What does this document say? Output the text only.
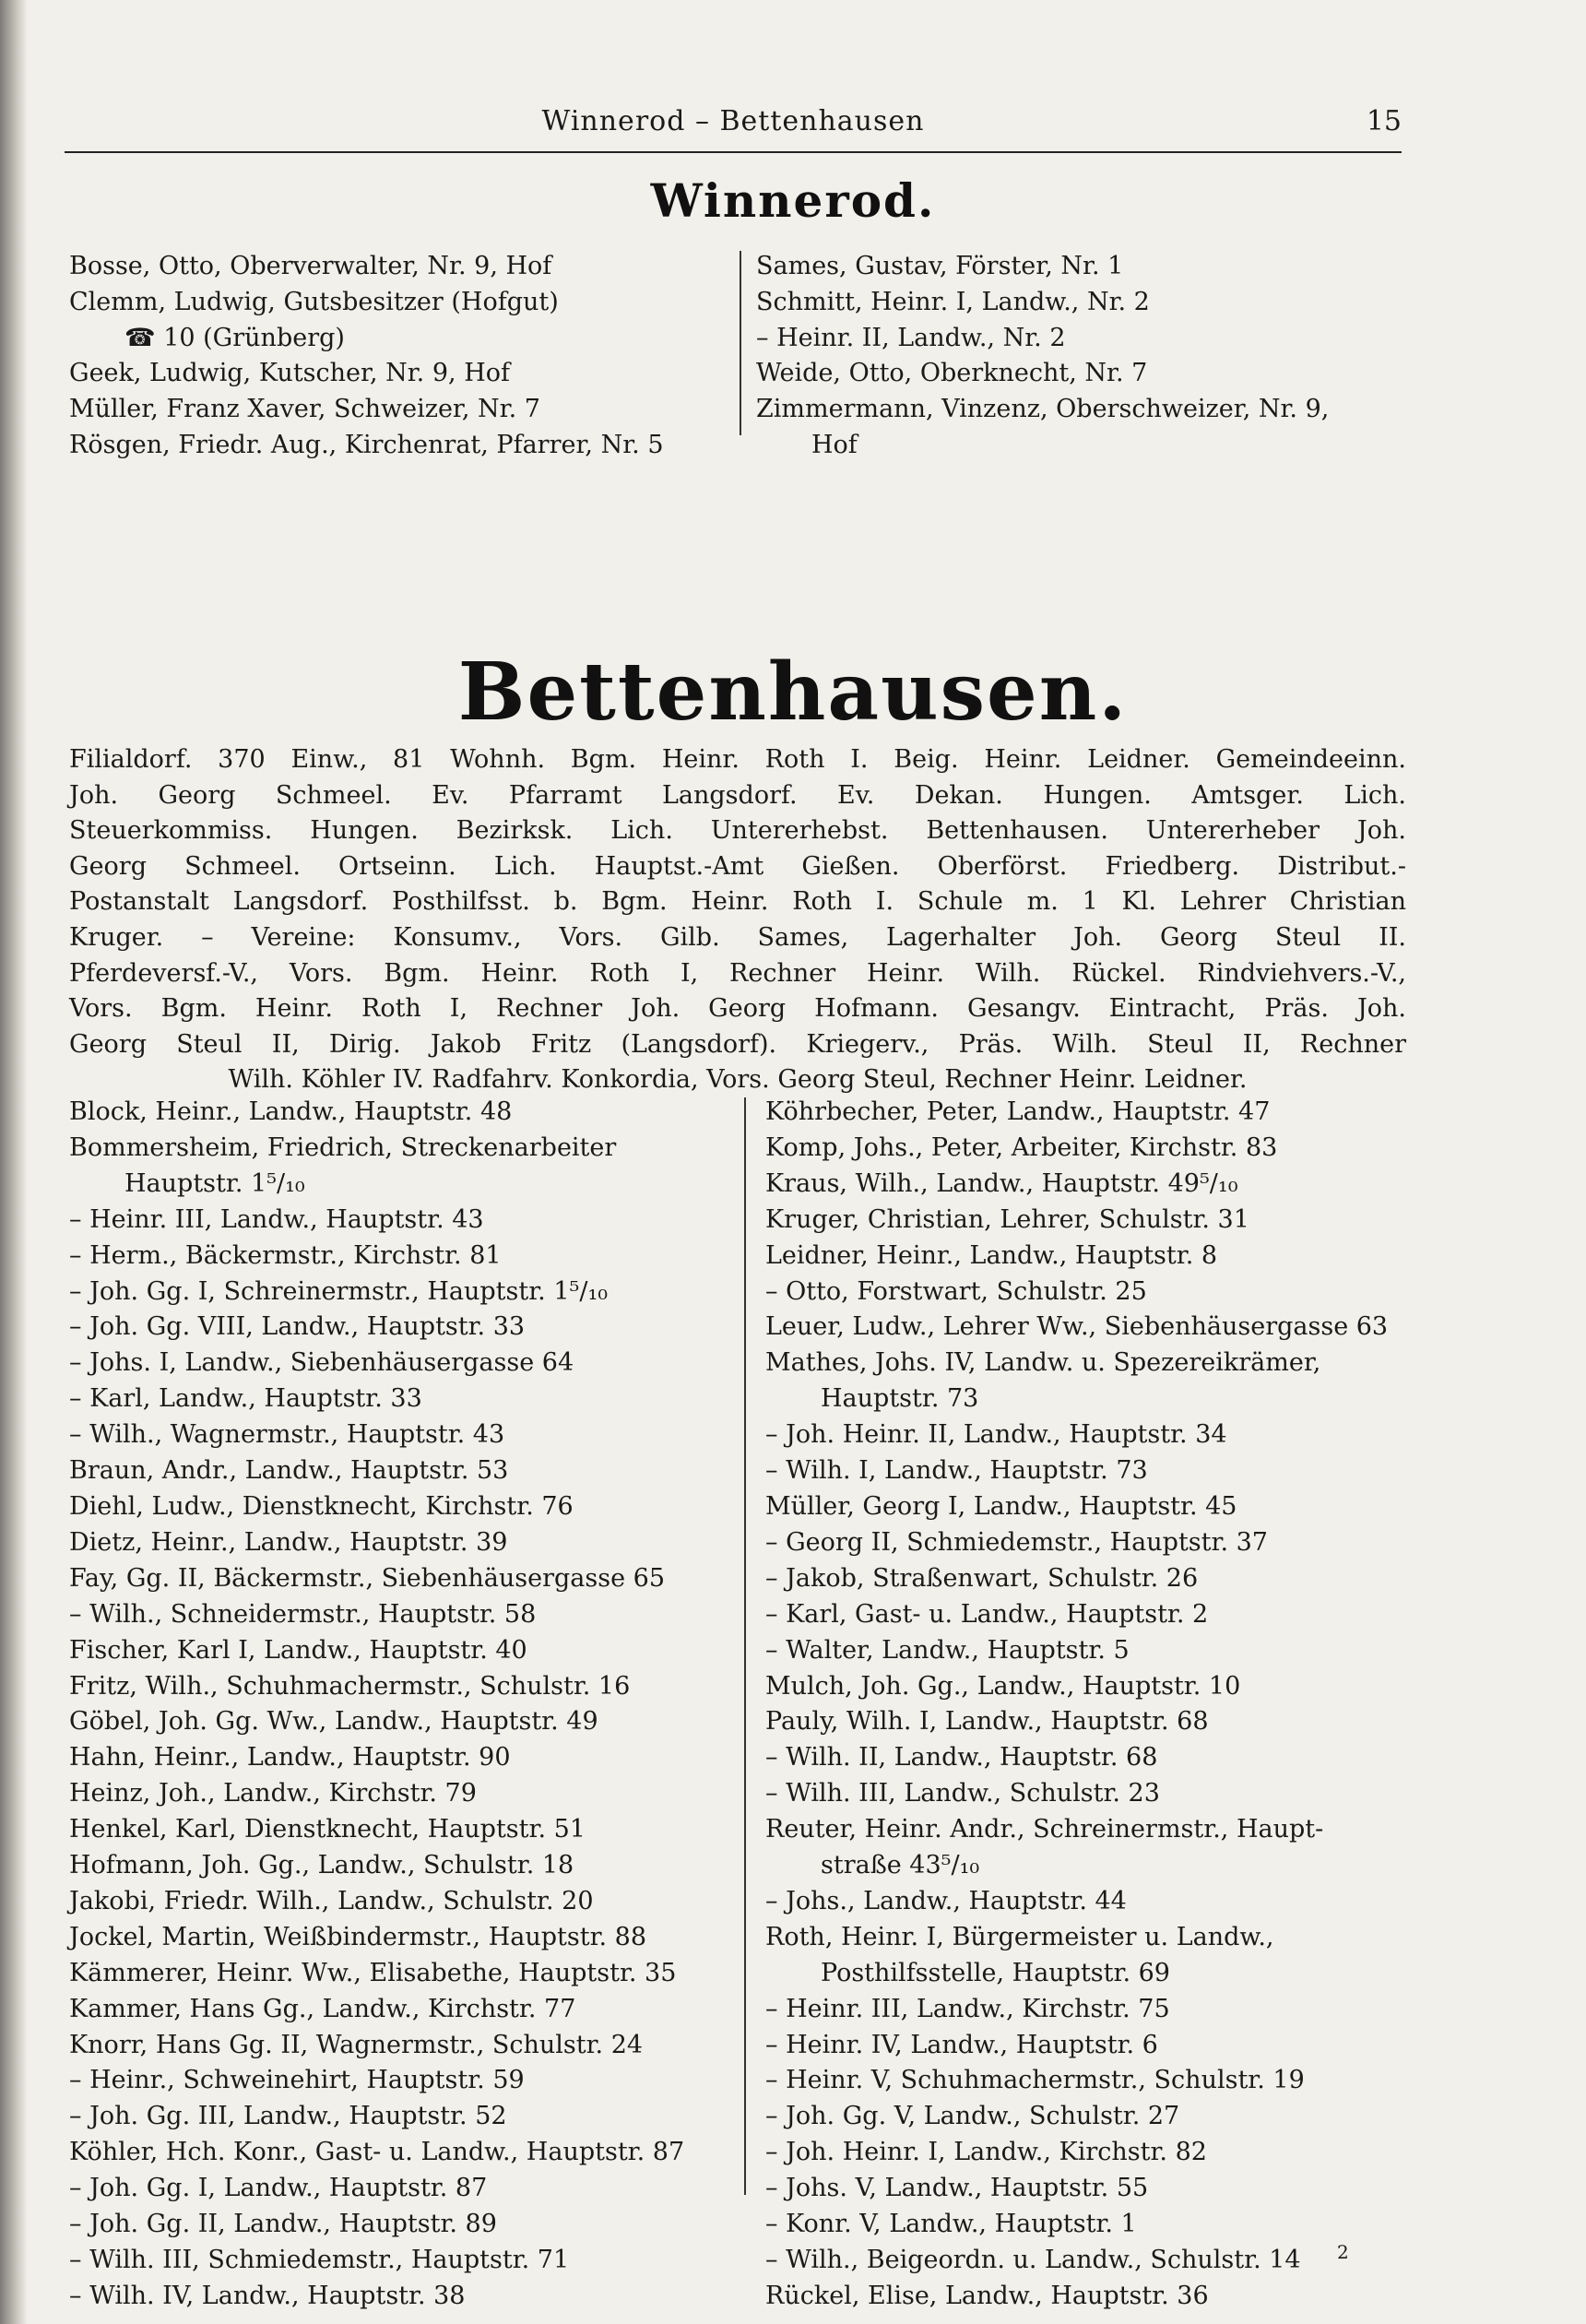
Winnerod – Bettenhausen	15
Winnerod.
Bosse, Otto, Oberverwalter, Nr. 9, Hof
Clemm, Ludwig, Gutsbesitzer (Hofgut)
☎ 10 (Grünberg)
Geek, Ludwig, Kutscher, Nr. 9, Hof
Müller, Franz Xaver, Schweizer, Nr. 7
Rösgen, Friedr. Aug., Kirchenrat, Pfarrer, Nr. 5
Sames, Gustav, Förster, Nr. 1
Schmitt, Heinr. I, Landw., Nr. 2
– Heinr. II, Landw., Nr. 2
Weide, Otto, Oberknecht, Nr. 7
Zimmermann, Vinzenz, Oberschweizer, Nr. 9,
Hof
Bettenhausen.
Filialdorf. 370 Einw., 81 Wohnh. Bgm. Heinr. Roth I. Beig. Heinr. Leidner. Gemeindeeinn.
Joh. Georg Schmeel. Ev. Pfarramt Langsdorf. Ev. Dekan. Hungen. Amtsger. Lich.
Steuerkommiss. Hungen. Bezirksk. Lich. Untererhebst. Bettenhausen. Untererheber Joh.
Georg Schmeel. Ortseinn. Lich. Hauptst.-Amt Gießen. Oberförst. Friedberg. Distribut.-
Postanstalt Langsdorf. Posthilfsst. b. Bgm. Heinr. Roth I. Schule m. 1 Kl. Lehrer Christian
Kruger. – Vereine: Konsumv., Vors. Gilb. Sames, Lagerhalter Joh. Georg Steul II.
Pferdeversf.-V., Vors. Bgm. Heinr. Roth I, Rechner Heinr. Wilh. Rückel. Rindviehvers.-V.,
Vors. Bgm. Heinr. Roth I, Rechner Joh. Georg Hofmann. Gesangv. Eintracht, Präs. Joh.
Georg Steul II, Dirig. Jakob Fritz (Langsdorf). Kriegerv., Präs. Wilh. Steul II, Rechner
Wilh. Köhler IV. Radfahrv. Konkordia, Vors. Georg Steul, Rechner Heinr. Leidner.
Block, Heinr., Landw., Hauptstr. 48
Bommersheim, Friedrich, Streckenarbeiter
Hauptstr. 1⁵/₁₀
– Heinr. III, Landw., Hauptstr. 43
– Herm., Bäckermstr., Kirchstr. 81
– Joh. Gg. I, Schreinermstr., Hauptstr. 1⁵/₁₀
– Joh. Gg. VIII, Landw., Hauptstr. 33
– Johs. I, Landw., Siebenhäusergasse 64
– Karl, Landw., Hauptstr. 33
– Wilh., Wagnermstr., Hauptstr. 43
Braun, Andr., Landw., Hauptstr. 53
Diehl, Ludw., Dienstknecht, Kirchstr. 76
Dietz, Heinr., Landw., Hauptstr. 39
Fay, Gg. II, Bäckermstr., Siebenhäusergasse 65
– Wilh., Schneidermstr., Hauptstr. 58
Fischer, Karl I, Landw., Hauptstr. 40
Fritz, Wilh., Schuhmachermstr., Schulstr. 16
Göbel, Joh. Gg. Ww., Landw., Hauptstr. 49
Hahn, Heinr., Landw., Hauptstr. 90
Heinz, Joh., Landw., Kirchstr. 79
Henkel, Karl, Dienstknecht, Hauptstr. 51
Hofmann, Joh. Gg., Landw., Schulstr. 18
Jakobi, Friedr. Wilh., Landw., Schulstr. 20
Jockel, Martin, Weißbindermstr., Hauptstr. 88
Kämmerer, Heinr. Ww., Elisabethe, Hauptstr. 35
Kammer, Hans Gg., Landw., Kirchstr. 77
Knorr, Hans Gg. II, Wagnermstr., Schulstr. 24
– Heinr., Schweinehirt, Hauptstr. 59
– Joh. Gg. III, Landw., Hauptstr. 52
Köhler, Hch. Konr., Gast- u. Landw., Hauptstr. 87
– Joh. Gg. I, Landw., Hauptstr. 87
– Joh. Gg. II, Landw., Hauptstr. 89
– Wilh. III, Schmiedemstr., Hauptstr. 71
– Wilh. IV, Landw., Hauptstr. 38
Köhrbecher, Peter, Landw., Hauptstr. 47
Komp, Johs., Peter, Arbeiter, Kirchstr. 83
Kraus, Wilh., Landw., Hauptstr. 49⁵/₁₀
Kruger, Christian, Lehrer, Schulstr. 31
Leidner, Heinr., Landw., Hauptstr. 8
– Otto, Forstwart, Schulstr. 25
Leuer, Ludw., Lehrer Ww., Siebenhäusergasse 63
Mathes, Johs. IV, Landw. u. Spezereikrämer,
Hauptstr. 73
– Joh. Heinr. II, Landw., Hauptstr. 34
– Wilh. I, Landw., Hauptstr. 73
Müller, Georg I, Landw., Hauptstr. 45
– Georg II, Schmiedemstr., Hauptstr. 37
– Jakob, Straßenwart, Schulstr. 26
– Karl, Gast- u. Landw., Hauptstr. 2
– Walter, Landw., Hauptstr. 5
Mulch, Joh. Gg., Landw., Hauptstr. 10
Pauly, Wilh. I, Landw., Hauptstr. 68
– Wilh. II, Landw., Hauptstr. 68
– Wilh. III, Landw., Schulstr. 23
Reuter, Heinr. Andr., Schreinermstr., Haupt-
straße 43⁵/₁₀
– Johs., Landw., Hauptstr. 44
Roth, Heinr. I, Bürgermeister u. Landw.,
Posthilfsstelle, Hauptstr. 69
– Heinr. III, Landw., Kirchstr. 75
– Heinr. IV, Landw., Hauptstr. 6
– Heinr. V, Schuhmachermstr., Schulstr. 19
– Joh. Gg. V, Landw., Schulstr. 27
– Joh. Heinr. I, Landw., Kirchstr. 82
– Johs. V, Landw., Hauptstr. 55
– Konr. V, Landw., Hauptstr. 1
– Wilh., Beigeordn. u. Landw., Schulstr. 14
Rückel, Elise, Landw., Hauptstr. 36
2
